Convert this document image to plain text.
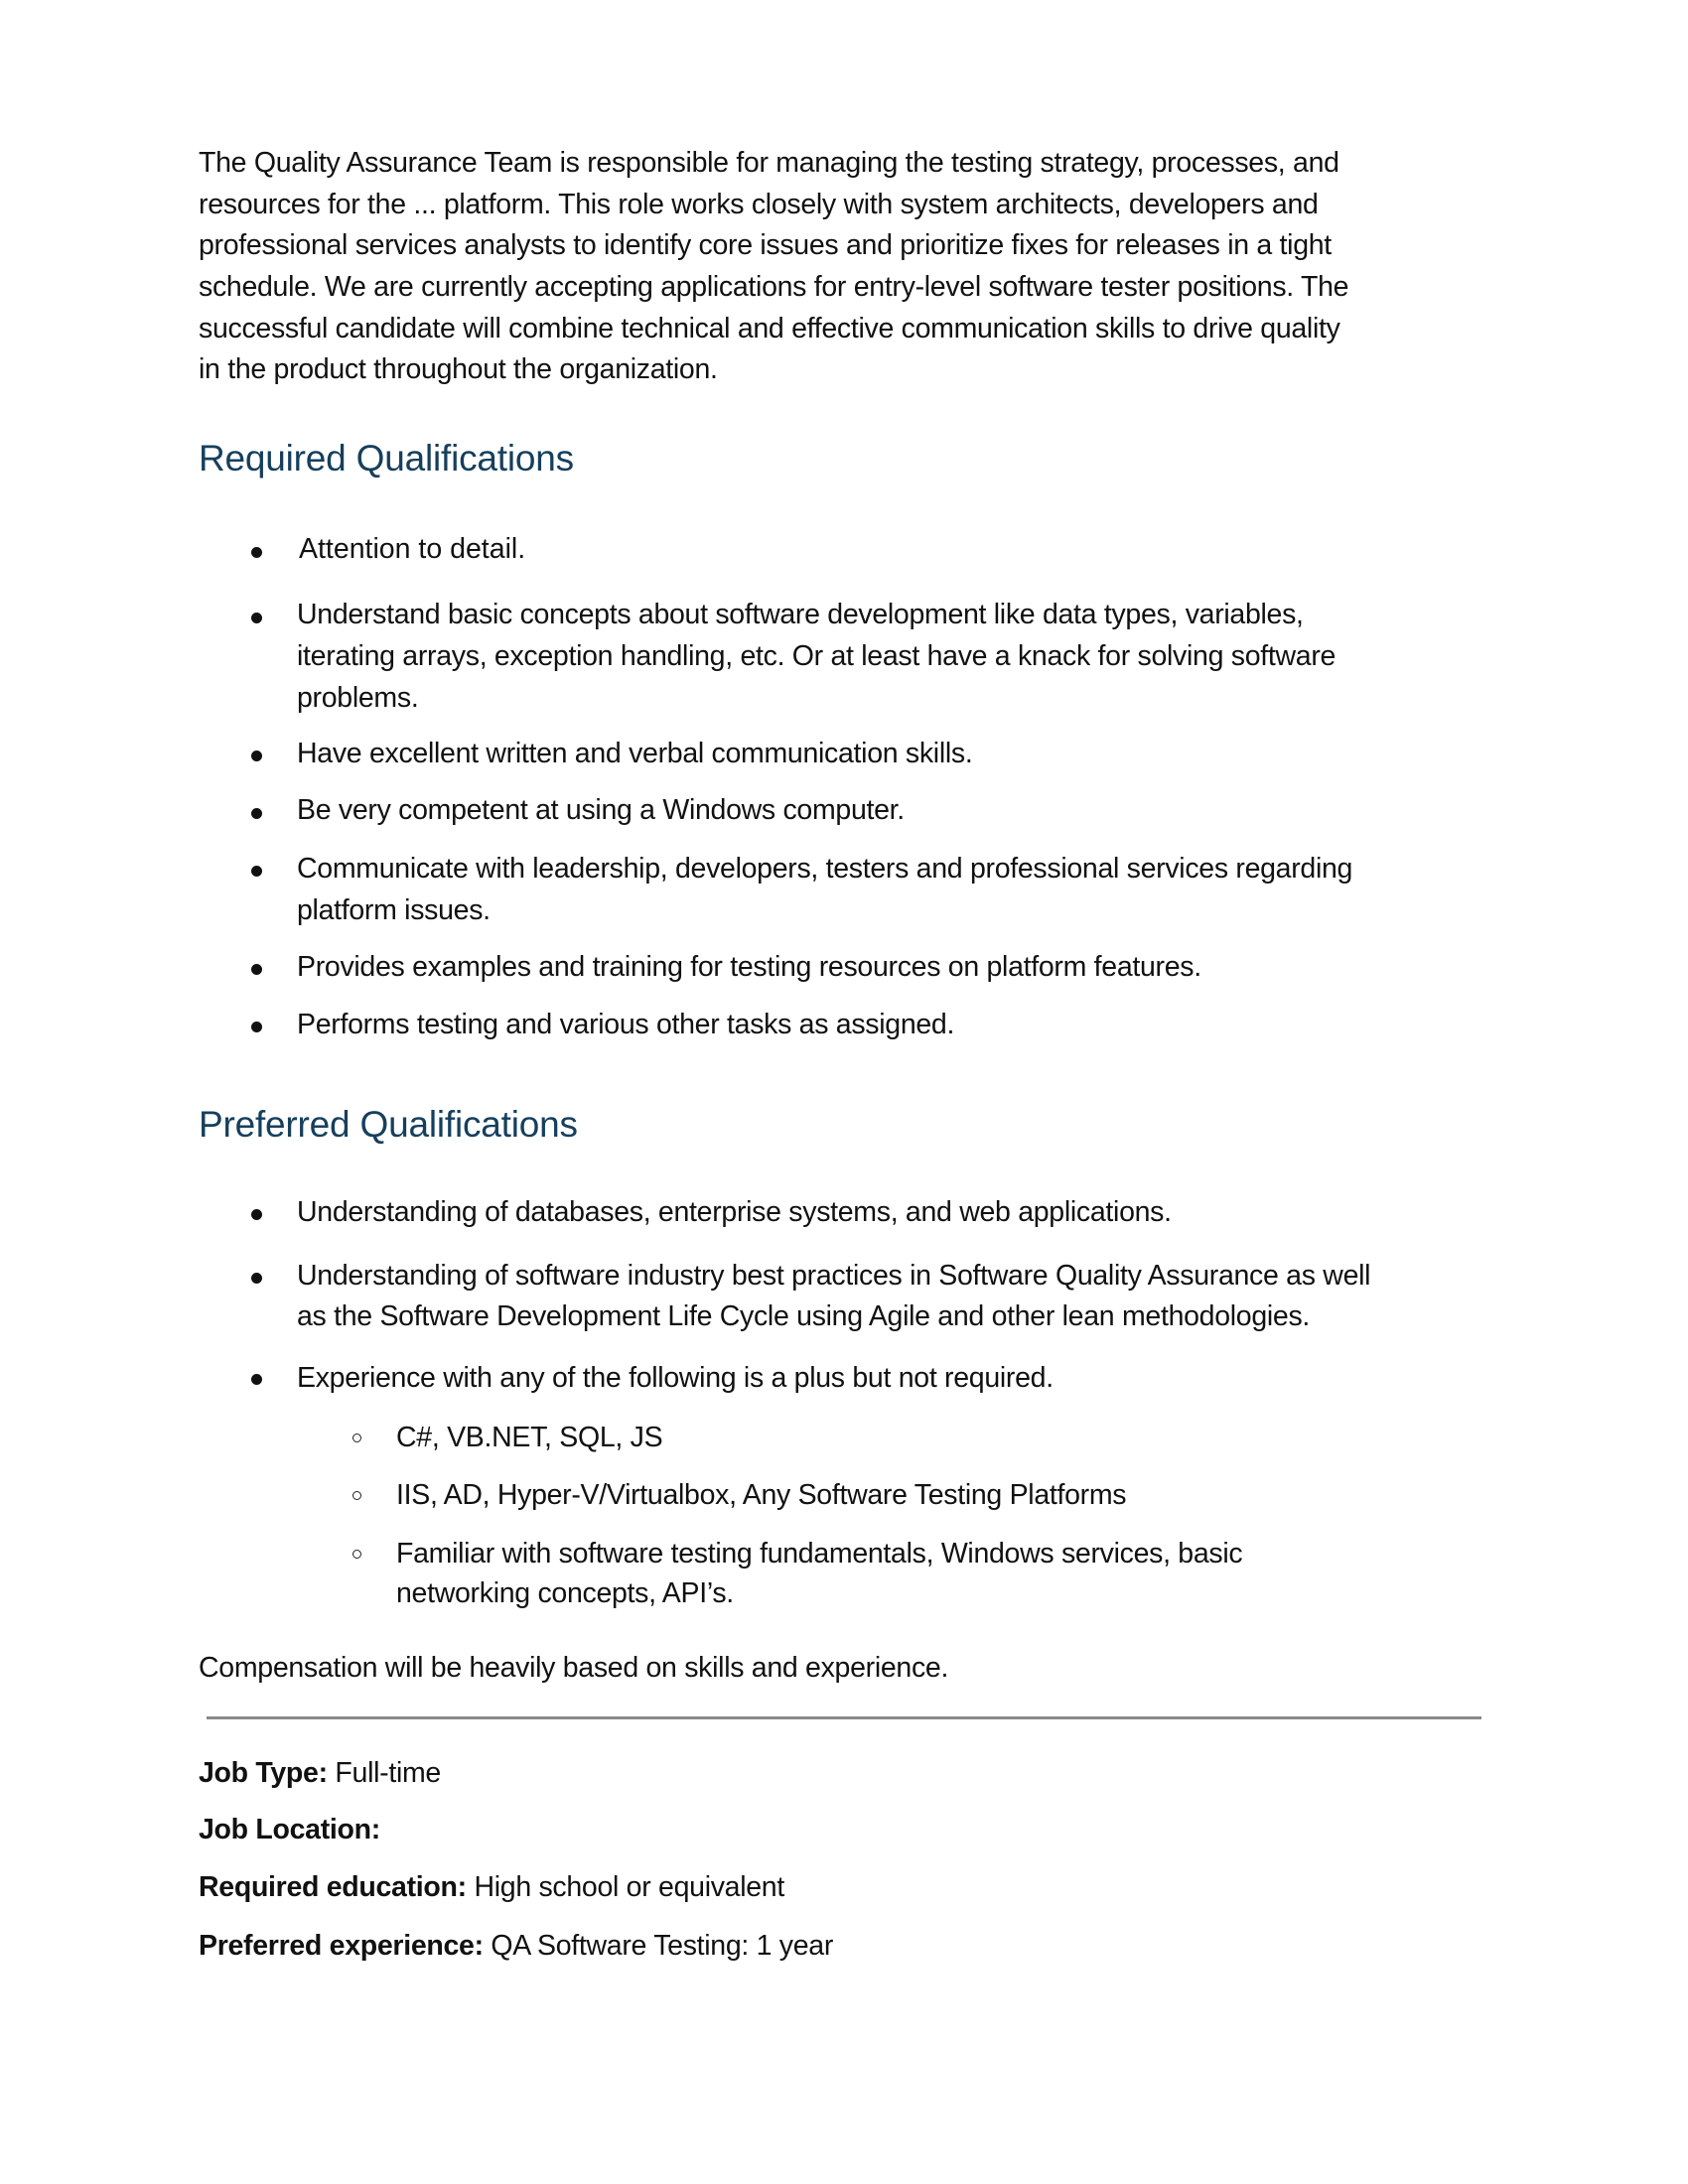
The Quality Assurance Team is responsible for managing the testing strategy, processes, and
resources for the ... platform. This role works closely with system architects, developers and
professional services analysts to identify core issues and prioritize fixes for releases in a tight
schedule. We are currently accepting applications for entry-level software tester positions. The
successful candidate will combine technical and effective communication skills to drive quality
in the product throughout the organization.
Required Qualifications
Attention to detail.
Understand basic concepts about software development like data types, variables,
iterating arrays, exception handling, etc. Or at least have a knack for solving software
problems.
Have excellent written and verbal communication skills.
Be very competent at using a Windows computer.
Communicate with leadership, developers, testers and professional services regarding
platform issues.
Provides examples and training for testing resources on platform features.
Performs testing and various other tasks as assigned.
Preferred Qualifications
Understanding of databases, enterprise systems, and web applications.
Understanding of software industry best practices in Software Quality Assurance as well
as the Software Development Life Cycle using Agile and other lean methodologies.
Experience with any of the following is a plus but not required.
C#, VB.NET, SQL, JS
IIS, AD, Hyper-V/Virtualbox, Any Software Testing Platforms
Familiar with software testing fundamentals, Windows services, basic
networking concepts, API’s.
Compensation will be heavily based on skills and experience.
Job Type: Full-time
Job Location:
Required education: High school or equivalent
Preferred experience: QA Software Testing: 1 year
